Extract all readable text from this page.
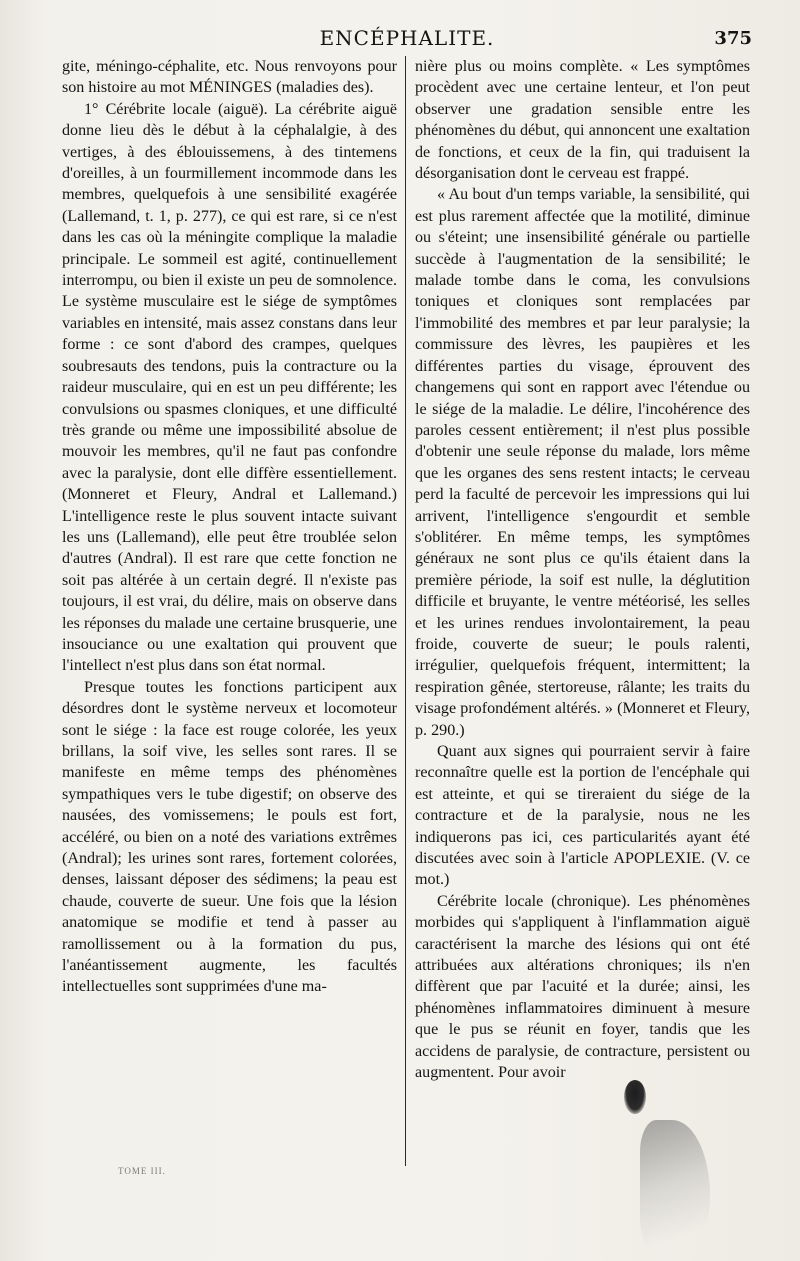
ENCÉPHALITE.	375

gite, méningo-céphalite, etc. Nous renvoyons pour son histoire au mot MÉNINGES (maladies des).

1° Cérébrite locale (aiguë). La cérébrite aiguë donne lieu dès le début à la céphalalgie, à des vertiges, à des éblouissemens, à des tintemens d'oreilles, à un fourmillement incommode dans les membres, quelquefois à une sensibilité exagérée (Lallemand, t. 1, p. 277), ce qui est rare, si ce n'est dans les cas où la méningite complique la maladie principale. Le sommeil est agité, continuellement interrompu, ou bien il existe un peu de somnolence. Le système musculaire est le siége de symptômes variables en intensité, mais assez constans dans leur forme : ce sont d'abord des crampes, quelques soubresauts des tendons, puis la contracture ou la raideur musculaire, qui en est un peu différente; les convulsions ou spasmes cloniques, et une difficulté très grande ou même une impossibilité absolue de mouvoir les membres, qu'il ne faut pas confondre avec la paralysie, dont elle diffère essentiellement. (Monneret et Fleury, Andral et Lallemand.) L'intelligence reste le plus souvent intacte suivant les uns (Lallemand), elle peut être troublée selon d'autres (Andral). Il est rare que cette fonction ne soit pas altérée à un certain degré. Il n'existe pas toujours, il est vrai, du délire, mais on observe dans les réponses du malade une certaine brusquerie, une insouciance ou une exaltation qui prouvent que l'intellect n'est plus dans son état normal.

Presque toutes les fonctions participent aux désordres dont le système nerveux et locomoteur sont le siége : la face est rouge colorée, les yeux brillans, la soif vive, les selles sont rares. Il se manifeste en même temps des phénomènes sympathiques vers le tube digestif; on observe des nausées, des vomissemens; le pouls est fort, accéléré, ou bien on a noté des variations extrêmes (Andral); les urines sont rares, fortement colorées, denses, laissant déposer des sédimens; la peau est chaude, couverte de sueur. Une fois que la lésion anatomique se modifie et tend à passer au ramollissement ou à la formation du pus, l'anéantissement augmente, les facultés intellectuelles sont supprimées d'une ma-

nière plus ou moins complète. « Les symptômes procèdent avec une certaine lenteur, et l'on peut observer une gradation sensible entre les phénomènes du début, qui annoncent une exaltation de fonctions, et ceux de la fin, qui traduisent la désorganisation dont le cerveau est frappé.

« Au bout d'un temps variable, la sensibilité, qui est plus rarement affectée que la motilité, diminue ou s'éteint; une insensibilité générale ou partielle succède à l'augmentation de la sensibilité; le malade tombe dans le coma, les convulsions toniques et cloniques sont remplacées par l'immobilité des membres et par leur paralysie; la commissure des lèvres, les paupières et les différentes parties du visage, éprouvent des changemens qui sont en rapport avec l'étendue ou le siége de la maladie. Le délire, l'incohérence des paroles cessent entièrement; il n'est plus possible d'obtenir une seule réponse du malade, lors même que les organes des sens restent intacts; le cerveau perd la faculté de percevoir les impressions qui lui arrivent, l'intelligence s'engourdit et semble s'oblitérer. En même temps, les symptômes généraux ne sont plus ce qu'ils étaient dans la première période, la soif est nulle, la déglutition difficile et bruyante, le ventre météorisé, les selles et les urines rendues involontairement, la peau froide, couverte de sueur; le pouls ralenti, irrégulier, quelquefois fréquent, intermittent; la respiration gênée, stertoreuse, râlante; les traits du visage profondément altérés. » (Monneret et Fleury, p. 290.)

Quant aux signes qui pourraient servir à faire reconnaître quelle est la portion de l'encéphale qui est atteinte, et qui se tireraient du siége de la contracture et de la paralysie, nous ne les indiquerons pas ici, ces particularités ayant été discutées avec soin à l'article APOPLEXIE. (V. ce mot.)

Cérébrite locale (chronique). Les phénomènes morbides qui s'appliquent à l'inflammation aiguë caractérisent la marche des lésions qui ont été attribuées aux altérations chroniques; ils n'en diffèrent que par l'acuité et la durée; ainsi, les phénomènes inflammatoires diminuent à mesure que le pus se réunit en foyer, tandis que les accidens de paralysie, de contracture, persistent ou augmentent. Pour avoir

TOME III.
